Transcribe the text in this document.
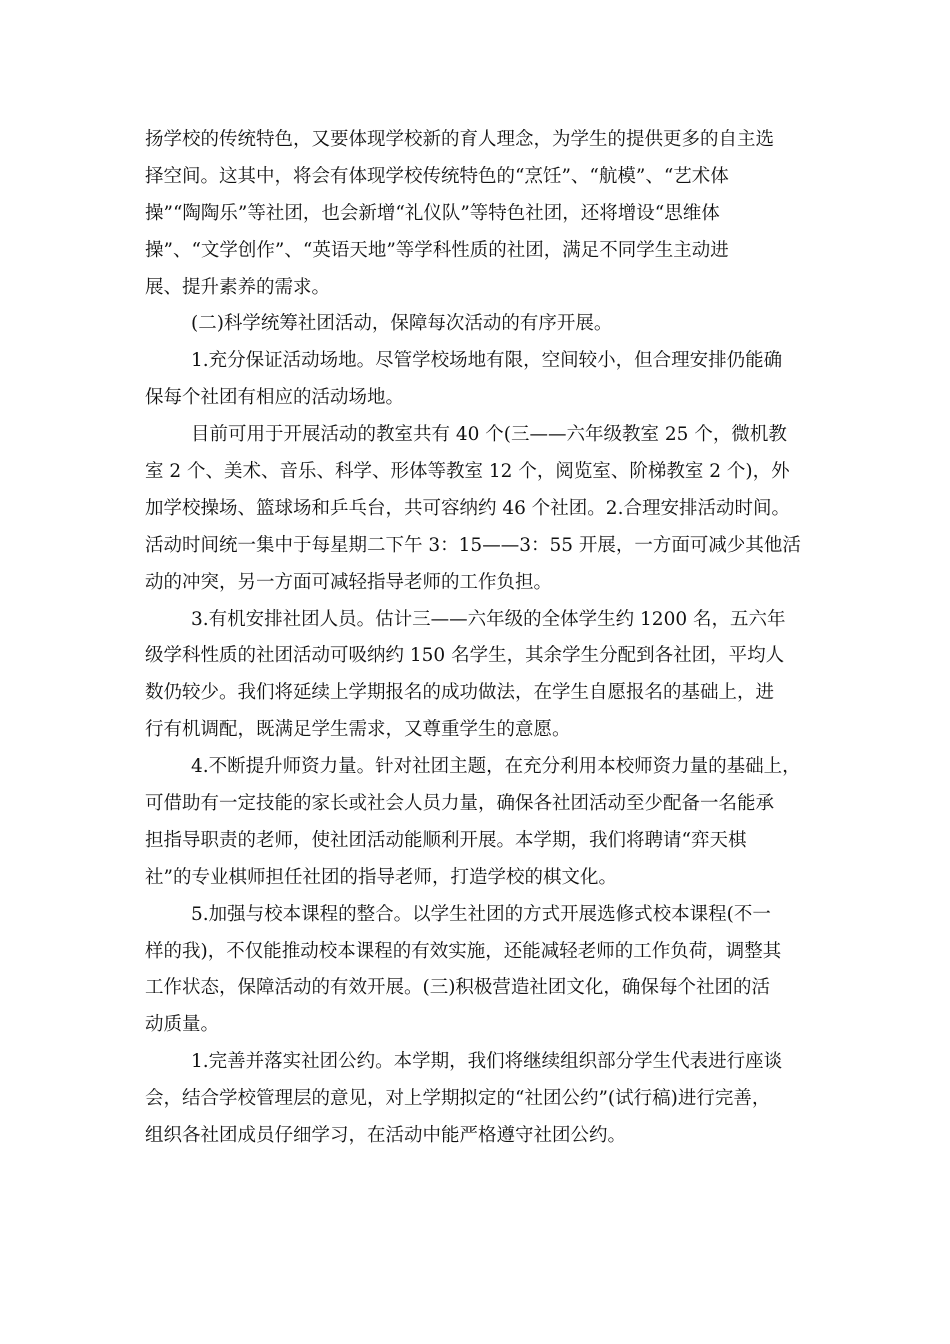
扬学校的传统特色，又要体现学校新的育人理念，为学生的提供更多的自主选
择空间。这其中，将会有体现学校传统特色的“烹饪”、“航模”、“艺术体
操”“陶陶乐”等社团，也会新增“礼仪队”等特色社团，还将增设“思维体
操”、“文学创作”、“英语天地”等学科性质的社团，满足不同学生主动进
展、提升素养的需求。
(二)科学统筹社团活动，保障每次活动的有序开展。
1.充分保证活动场地。尽管学校场地有限，空间较小，但合理安排仍能确
保每个社团有相应的活动场地。
目前可用于开展活动的教室共有 40 个(三——六年级教室 25 个，微机教
室 2 个、美术、音乐、科学、形体等教室 12 个，阅览室、阶梯教室 2 个)，外
加学校操场、篮球场和乒乓台，共可容纳约 46 个社团。2.合理安排活动时间。
活动时间统一集中于每星期二下午 3：15——3：55 开展，一方面可减少其他活
动的冲突，另一方面可减轻指导老师的工作负担。
3.有机安排社团人员。估计三——六年级的全体学生约 1200 名，五六年
级学科性质的社团活动可吸纳约 150 名学生，其余学生分配到各社团，平均人
数仍较少。我们将延续上学期报名的成功做法，在学生自愿报名的基础上，进
行有机调配，既满足学生需求，又尊重学生的意愿。
4.不断提升师资力量。针对社团主题，在充分利用本校师资力量的基础上，
可借助有一定技能的家长或社会人员力量，确保各社团活动至少配备一名能承
担指导职责的老师，使社团活动能顺利开展。本学期，我们将聘请“弈天棋
社”的专业棋师担任社团的指导老师，打造学校的棋文化。
5.加强与校本课程的整合。以学生社团的方式开展选修式校本课程(不一
样的我)，不仅能推动校本课程的有效实施，还能减轻老师的工作负荷，调整其
工作状态，保障活动的有效开展。(三)积极营造社团文化，确保每个社团的活
动质量。
1.完善并落实社团公约。本学期，我们将继续组织部分学生代表进行座谈
会，结合学校管理层的意见，对上学期拟定的“社团公约”(试行稿)进行完善，
组织各社团成员仔细学习，在活动中能严格遵守社团公约。
